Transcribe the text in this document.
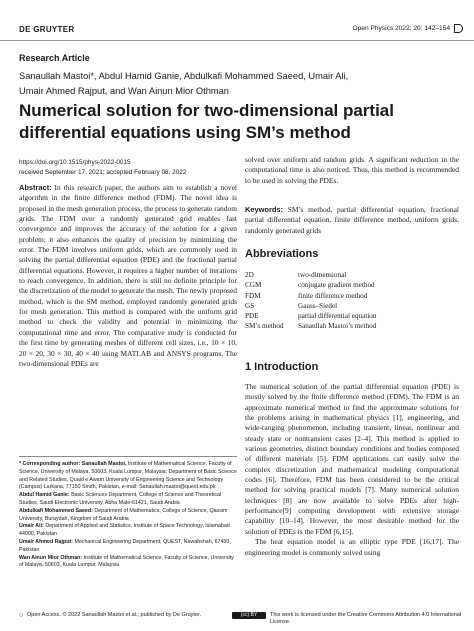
DE GRUYTER	Open Physics 2022; 20: 142–154
Research Article
Sanaullah Mastoi*, Abdul Hamid Ganie, Abdulkafi Mohammed Saeed, Umair Ali,
Umair Ahmed Rajput, and Wan Ainun Mior Othman
Numerical solution for two-dimensional partial
differential equations using SM’s method
https://doi.org/10.1515/phys-2022-0015
received September 17, 2021; accepted February 08, 2022
Abstract: In this research paper, the authors aim to establish a novel algorithm in the finite difference method (FDM). The novel idea is proposed in the mesh generation process, the process to generate random grids. The FDM over a randomly generated grid enables fast convergence and improves the accuracy of the solution for a given problem; it also enhances the quality of precision by minimizing the error. The FDM involves uniform grids, which are commonly used in solving the partial differential equation (PDE) and the fractional partial differential equations. However, it requires a higher number of iterations to reach convergence. In addition, there is still no definite principle for the discretization of the model to generate the mesh. The newly proposed method, which is the SM method, employed randomly generated grids for mesh generation. This method is compared with the uniform grid method to check the validity and potential in minimizing the computational time and error. The comparative study is conducted for the first time by generating meshes of different cell sizes, i.e., 10 × 10, 20 × 20, 30 × 30, 40 × 40 using MATLAB and ANSYS programs. The two-dimensional PDEs are

* Corresponding author: Sanaullah Mastoi, Institute of Mathematical Science, Faculty of Science, University of Malaya, 50603, Kuala Lumpur, Malaysia; Department of Basic Science and Related Studies, Quaid e Awam University of Engineering Science and Technology (Campus) Larkana, 77150 Sindh, Pakistan, e-mail: Sanaullah.mastoi@quest.edu.pk

Abdul Hamid Ganie: Basic Sciences Department, College of Science and Theoretical Studies, Saudi Electronic University, Abha Male-61421, Saudi Arabia

Abdulkafi Mohammed Saeed: Department of Mathematics, College of Science, Qassim University, Buraydah, Kingdom of Saudi Arabia

Umair Ali: Department of Applied and Statistics, Institute of Space Technology, Islamabad 44000, Pakistan

Umair Ahmed Rajput: Mechanical Engineering Department, QUEST, Nawabshah, 67450, Pakistan

Wan Ainun Mior Othman: Institute of Mathematical Science, Faculty of Science, University of Malaya, 50603, Kuala Lumpur, Malaysia

solved over uniform and random grids. A significant reduction in the computational time is also noticed. Thus, this method is recommended to be used in solving the PDEs.
Keywords: SM’s method, partial differential equation, fractional partial differential equation, finite difference method, uniform grids, randomly generated grids
Abbreviations
2D	two-dimensional
CGM	conjugate gradient method
FDM	finite difference method
GS	Gauss–Siedel
PDE	partial differential equation
SM’s method	Sanaullah Mastoi’s method
1 Introduction

The numerical solution of the partial differential equation (PDE) is mostly solved by the finite difference method (FDM). The FDM is an approximate numerical method to find the approximate solutions for the problems arising in mathematical physics [1], engineering, and wide-ranging phenomenon, including transient, linear, nonlinear and steady state or nontransient cases [2–4]. This method is applied to various geometries, distinct boundary conditions and bodies composed of different materials [5]. FDM applications can easily solve the complex discretization and mathematical modeling computational codes [6]. Therefore, FDM has been considered to be the critical method for solving practical models [7]. Many numerical solution techniques [8] are now available to solve PDEs after high-performance[9] computing development with extensive storage capability [10–14]. However, the most desirable method for the solution of PDEs is the FDM [6,15].

The heat equation model is an elliptic type PDE [16,17]. The engineering model is commonly solved using

○ Open Access. © 2022 Sanaullah Mastoi et al., published by De Gruyter.	(cc) BY	This work is licensed under the Creative Commons Attribution 4.0 International License.
